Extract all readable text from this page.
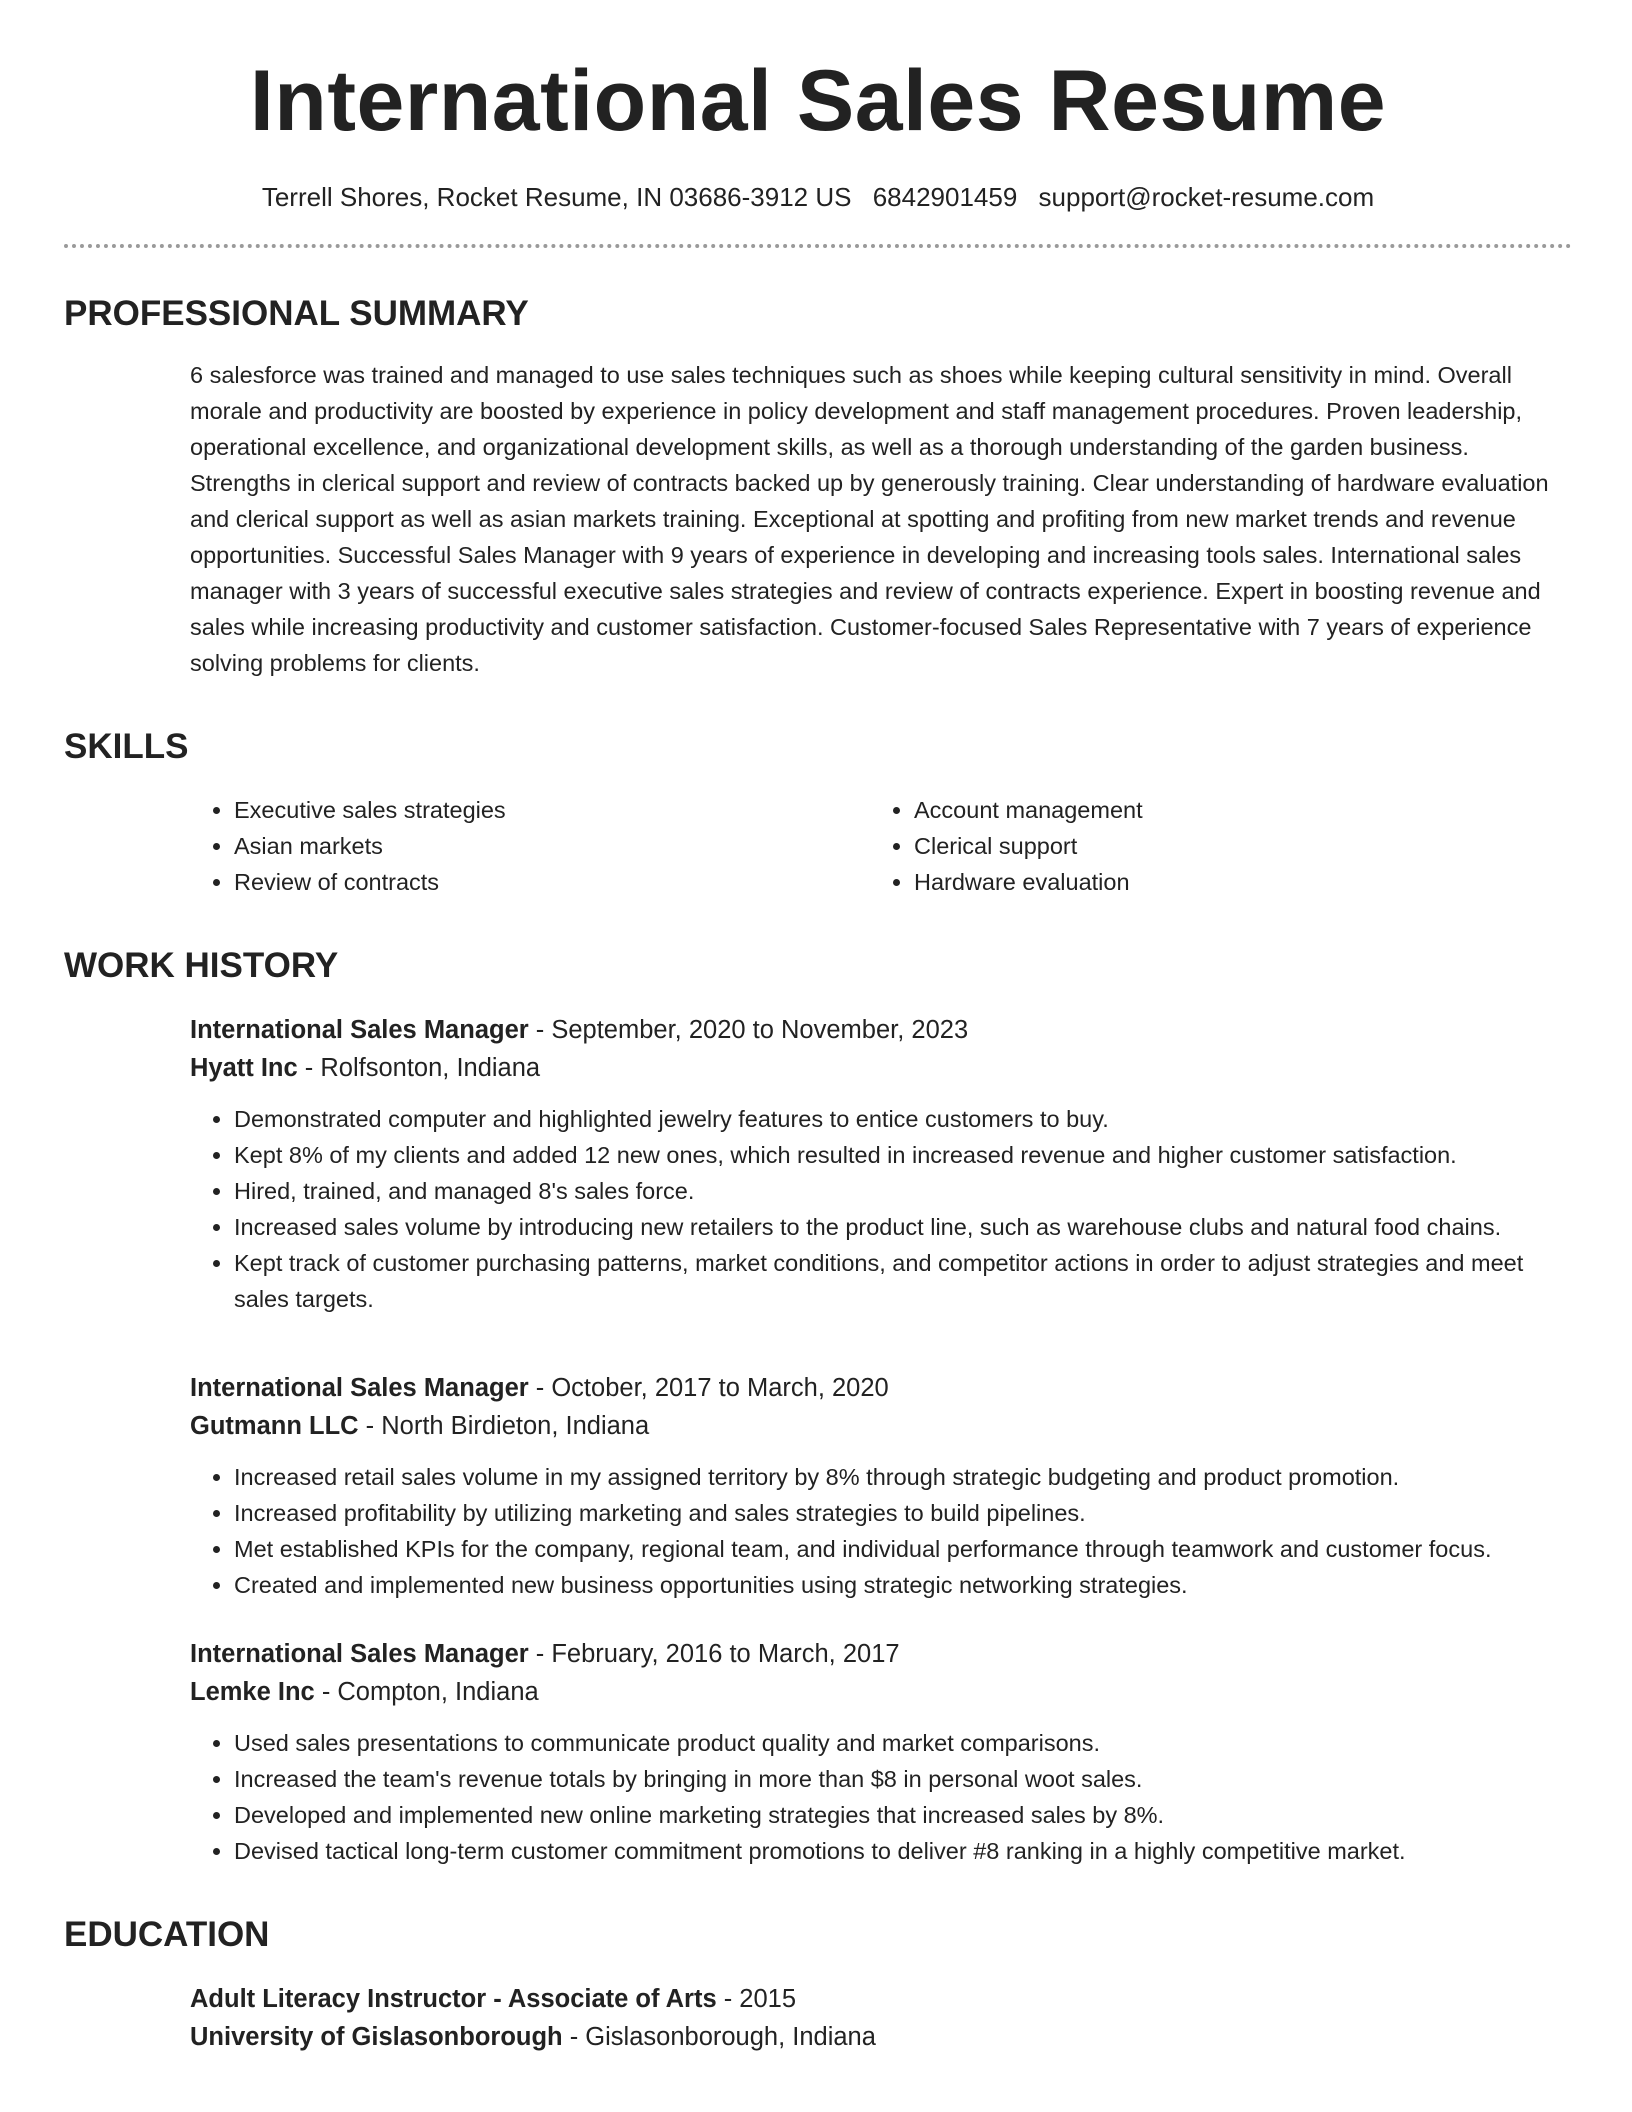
International Sales Resume
Terrell Shores, Rocket Resume, IN 03686-3912 US 6842901459 support@rocket-resume.com
PROFESSIONAL SUMMARY
6 salesforce was trained and managed to use sales techniques such as shoes while keeping cultural sensitivity in mind. Overall morale and productivity are boosted by experience in policy development and staff management procedures. Proven leadership, operational excellence, and organizational development skills, as well as a thorough understanding of the garden business. Strengths in clerical support and review of contracts backed up by generously training. Clear understanding of hardware evaluation and clerical support as well as asian markets training. Exceptional at spotting and profiting from new market trends and revenue opportunities. Successful Sales Manager with 9 years of experience in developing and increasing tools sales. International sales manager with 3 years of successful executive sales strategies and review of contracts experience. Expert in boosting revenue and sales while increasing productivity and customer satisfaction. Customer-focused Sales Representative with 7 years of experience solving problems for clients.
SKILLS
• Executive sales strategies
• Asian markets
• Review of contracts
• Account management
• Clerical support
• Hardware evaluation
WORK HISTORY
International Sales Manager - September, 2020 to November, 2023
Hyatt Inc - Rolfsonton, Indiana
• Demonstrated computer and highlighted jewelry features to entice customers to buy.
• Kept 8% of my clients and added 12 new ones, which resulted in increased revenue and higher customer satisfaction.
• Hired, trained, and managed 8's sales force.
• Increased sales volume by introducing new retailers to the product line, such as warehouse clubs and natural food chains.
• Kept track of customer purchasing patterns, market conditions, and competitor actions in order to adjust strategies and meet sales targets.
International Sales Manager - October, 2017 to March, 2020
Gutmann LLC - North Birdieton, Indiana
• Increased retail sales volume in my assigned territory by 8% through strategic budgeting and product promotion.
• Increased profitability by utilizing marketing and sales strategies to build pipelines.
• Met established KPIs for the company, regional team, and individual performance through teamwork and customer focus.
• Created and implemented new business opportunities using strategic networking strategies.
International Sales Manager - February, 2016 to March, 2017
Lemke Inc - Compton, Indiana
• Used sales presentations to communicate product quality and market comparisons.
• Increased the team's revenue totals by bringing in more than $8 in personal woot sales.
• Developed and implemented new online marketing strategies that increased sales by 8%.
• Devised tactical long-term customer commitment promotions to deliver #8 ranking in a highly competitive market.
EDUCATION
Adult Literacy Instructor - Associate of Arts - 2015
University of Gislasonborough - Gislasonborough, Indiana
